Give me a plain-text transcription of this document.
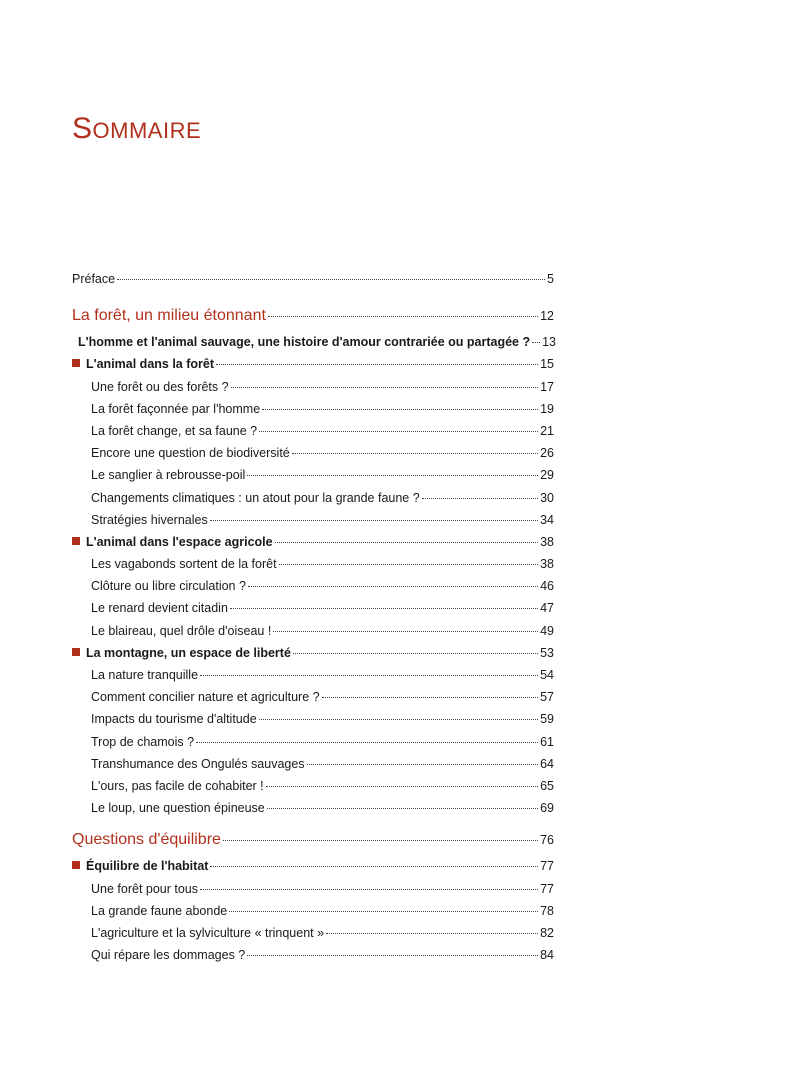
SOMMAIRE
Préface	5
La forêt, un milieu étonnant	12
L'homme et l'animal sauvage, une histoire d'amour contrariée ou partagée ? 13
L'animal dans la forêt	15
Une forêt ou des forêts ?	17
La forêt façonnée par l'homme	19
La forêt change, et sa faune ?	21
Encore une question de biodiversité	26
Le sanglier à rebrousse-poil	29
Changements climatiques : un atout pour la grande faune ?	30
Stratégies hivernales	34
L'animal dans l'espace agricole	38
Les vagabonds sortent de la forêt	38
Clôture ou libre circulation ?	46
Le renard devient citadin	47
Le blaireau, quel drôle d'oiseau !	49
La montagne, un espace de liberté	53
La nature tranquille	54
Comment concilier nature et agriculture ?	57
Impacts du tourisme d'altitude	59
Trop de chamois ?	61
Transhumance des Ongulés sauvages	64
L'ours, pas facile de cohabiter !	65
Le loup, une question épineuse	69
Questions d'équilibre	76
Équilibre de l'habitat	77
Une forêt pour tous	77
La grande faune abonde	78
L'agriculture et la sylviculture « trinquent »	82
Qui répare les dommages ?	84
